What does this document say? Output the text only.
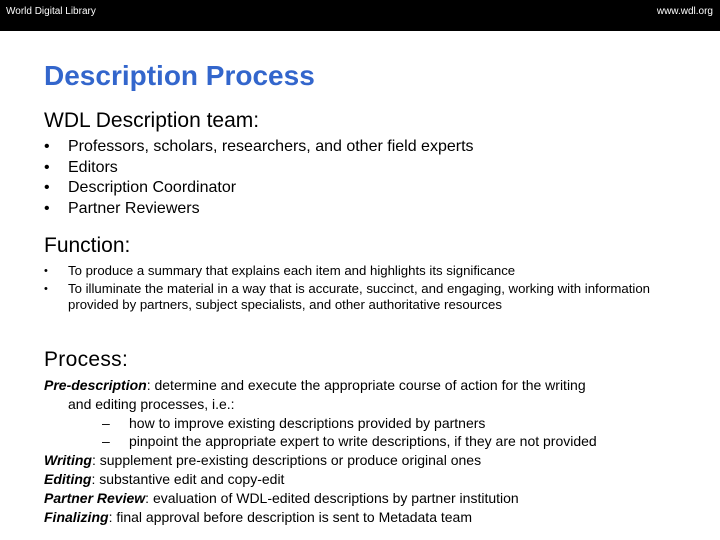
World Digital Library	www.wdl.org
Description Process
WDL Description team:
• Professors, scholars, researchers, and other field experts
• Editors
• Description Coordinator
• Partner Reviewers
Function:
• To produce a summary that explains each item and highlights its significance
• To illuminate the material in a way that is accurate, succinct, and engaging, working with information provided by partners, subject specialists, and other authoritative resources
Process:
Pre-description: determine and execute the appropriate course of action for the writing
and editing processes, i.e.:
– how to improve existing descriptions provided by partners
– pinpoint the appropriate expert to write descriptions, if they are not provided
Writing: supplement pre-existing descriptions or produce original ones
Editing: substantive edit and copy-edit
Partner Review: evaluation of WDL-edited descriptions by partner institution
Finalizing: final approval before description is sent to Metadata team
